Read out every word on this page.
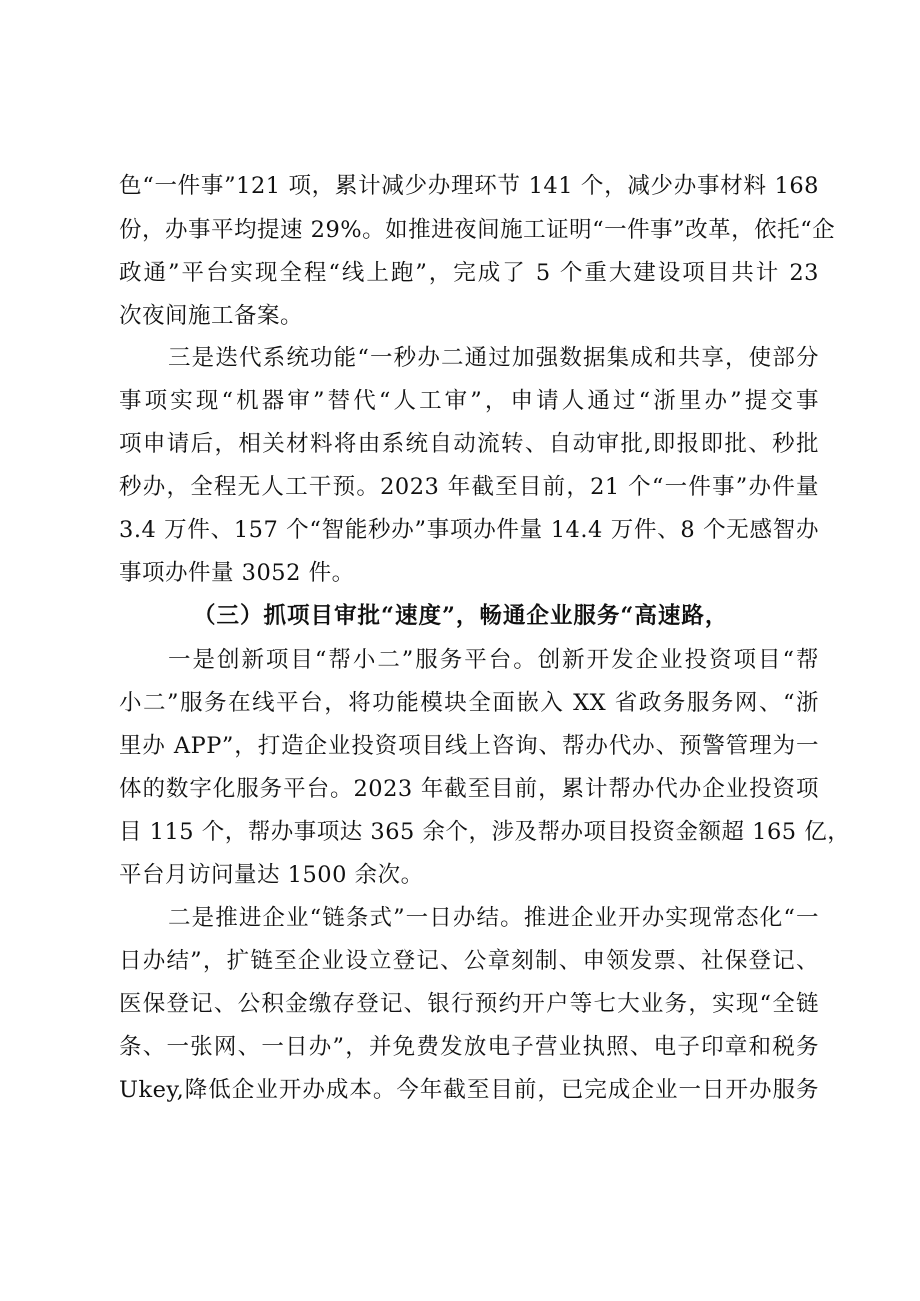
色“一件事”121 项，累计减少办理环节 141 个，减少办事材料 168
份，办事平均提速 29%。如推进夜间施工证明“一件事”改革，依托“企
政通”平台实现全程“线上跑”，完成了 5 个重大建设项目共计 23
次夜间施工备案。
三是迭代系统功能“一秒办二通过加强数据集成和共享，使部分
事项实现“机器审”替代“人工审”，申请人通过“浙里办”提交事
项申请后，相关材料将由系统自动流转、自动审批,即报即批、秒批
秒办，全程无人工干预。2023 年截至目前，21 个“一件事”办件量
3.4 万件、157 个“智能秒办”事项办件量 14.4 万件、8 个无感智办
事项办件量 3052 件。
（三）抓项目审批“速度”，畅通企业服务“高速路，
一是创新项目“帮小二”服务平台。创新开发企业投资项目“帮
小二”服务在线平台，将功能模块全面嵌入 XX 省政务服务网、“浙
里办 APP”，打造企业投资项目线上咨询、帮办代办、预警管理为一
体的数字化服务平台。2023 年截至目前，累计帮办代办企业投资项
目 115 个，帮办事项达 365 余个，涉及帮办项目投资金额超 165 亿，
平台月访问量达 1500 余次。
二是推进企业“链条式”一日办结。推进企业开办实现常态化“一
日办结”，扩链至企业设立登记、公章刻制、申领发票、社保登记、
医保登记、公积金缴存登记、银行预约开户等七大业务，实现“全链
条、一张网、一日办”，并免费发放电子营业执照、电子印章和税务
Ukey,降低企业开办成本。今年截至目前，已完成企业一日开办服务
